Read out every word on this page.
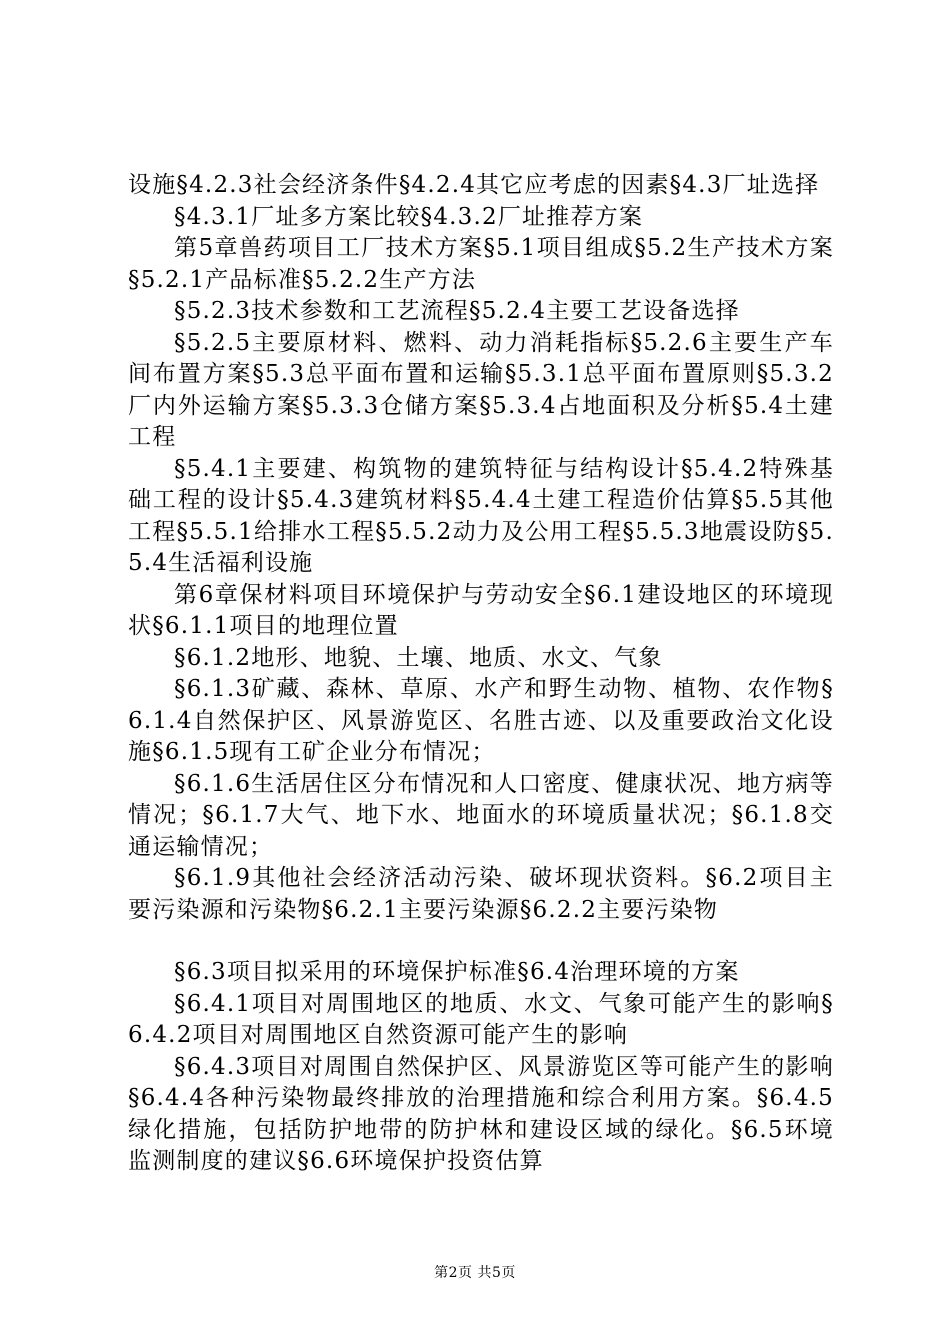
设施§4.2.3社会经济条件§4.2.4其它应考虑的因素§4.3厂址选择

§4.3.1厂址多方案比较§4.3.2厂址推荐方案

第5章兽药项目工厂技术方案§5.1项目组成§5.2生产技术方案§5.2.1产品标准§5.2.2生产方法

§5.2.3技术参数和工艺流程§5.2.4主要工艺设备选择

§5.2.5主要原材料、燃料、动力消耗指标§5.2.6主要生产车间布置方案§5.3总平面布置和运输§5.3.1总平面布置原则§5.3.2厂内外运输方案§5.3.3仓储方案§5.3.4占地面积及分析§5.4土建工程

§5.4.1主要建、构筑物的建筑特征与结构设计§5.4.2特殊基础工程的设计§5.4.3建筑材料§5.4.4土建工程造价估算§5.5其他工程§5.5.1给排水工程§5.5.2动力及公用工程§5.5.3地震设防§5.5.4生活福利设施

第6章保材料项目环境保护与劳动安全§6.1建设地区的环境现状§6.1.1项目的地理位置

§6.1.2地形、地貌、土壤、地质、水文、气象

§6.1.3矿藏、森林、草原、水产和野生动物、植物、农作物§6.1.4自然保护区、风景游览区、名胜古迹、以及重要政治文化设施§6.1.5现有工矿企业分布情况；

§6.1.6生活居住区分布情况和人口密度、健康状况、地方病等情况；§6.1.7大气、地下水、地面水的环境质量状况；§6.1.8交通运输情况；

§6.1.9其他社会经济活动污染、破坏现状资料。§6.2项目主要污染源和污染物§6.2.1主要污染源§6.2.2主要污染物

§6.3项目拟采用的环境保护标准§6.4治理环境的方案

§6.4.1项目对周围地区的地质、水文、气象可能产生的影响§6.4.2项目对周围地区自然资源可能产生的影响

§6.4.3项目对周围自然保护区、风景游览区等可能产生的影响§6.4.4各种污染物最终排放的治理措施和综合利用方案。§6.4.5绿化措施，包括防护地带的防护林和建设区域的绿化。§6.5环境监测制度的建议§6.6环境保护投资估算

第2页 共5页
